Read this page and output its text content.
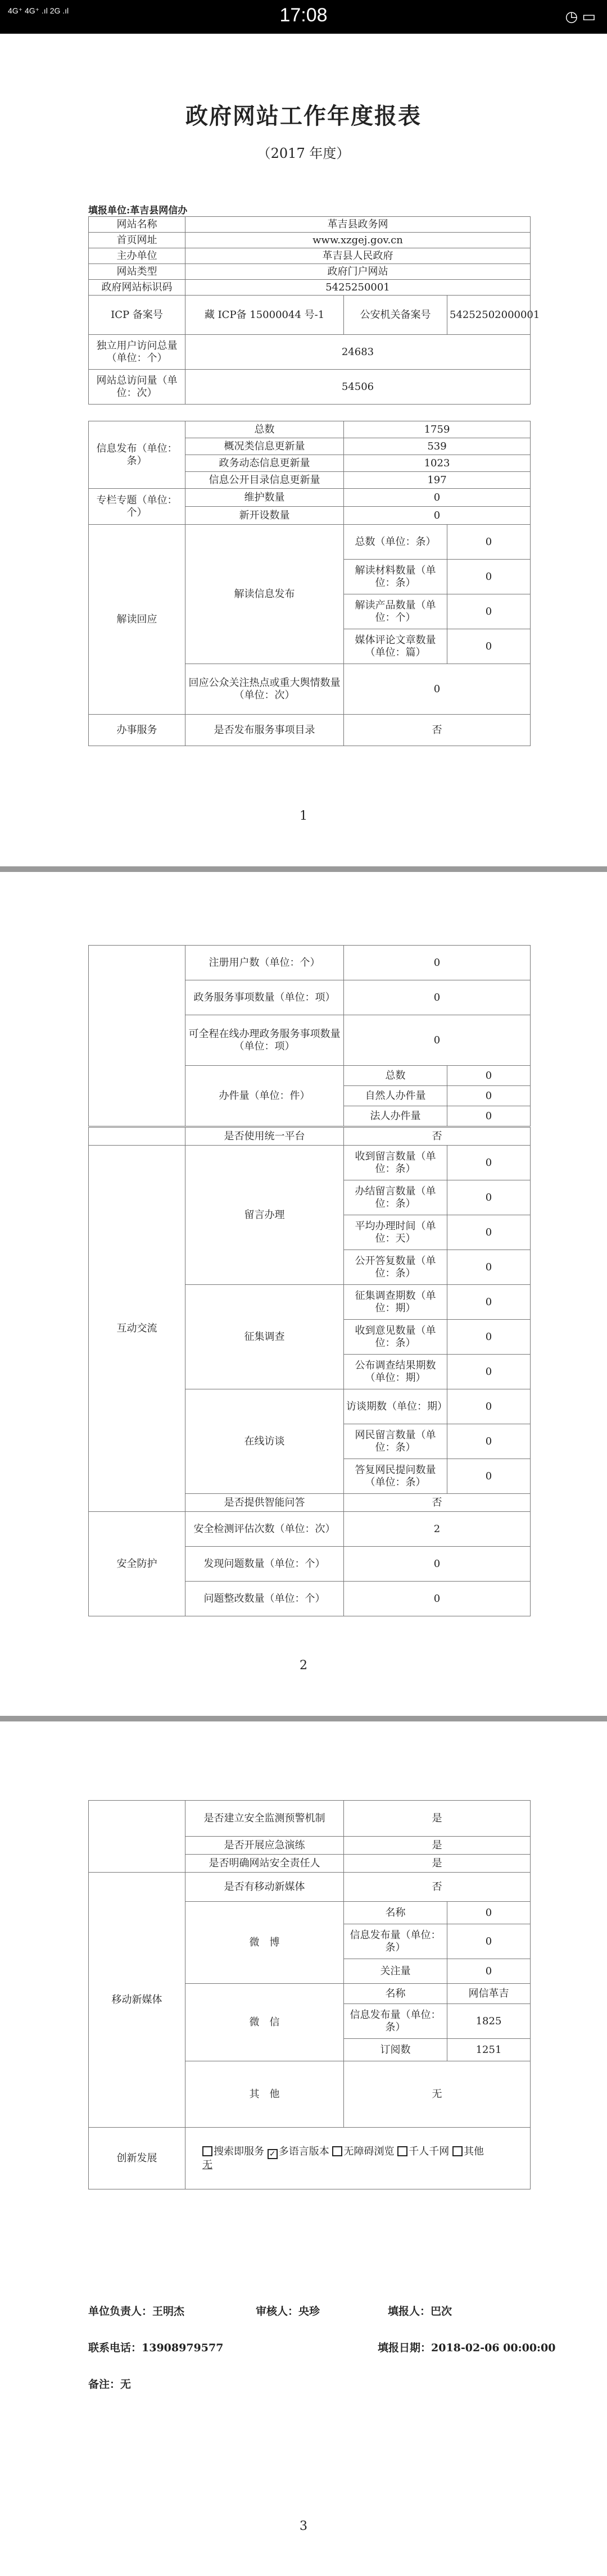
4G⁺ 4G⁺ .ıl 2G .ıl	17:08	◷ ▭
政府网站工作年度报表
（2017 年度）
填报单位:革吉县网信办
网站名称	革吉县政务网		
首页网址	www.xzgej.gov.cn		
主办单位	革吉县人民政府		
网站类型	政府门户网站		
政府网站标识码	5425250001		
ICP 备案号	藏 ICP备 15000044 号-1	公安机关备案号	54252502000001
独立用户访问总量（单位：个）	24683		
网站总访问量（单位：次）	54506		
信息发布（单位：条）	总数	1759
	概况类信息更新量	539
	政务动态信息更新量	1023
	信息公开目录信息更新量	197
专栏专题（单位：个）	维护数量	0
	新开设数量	0
解读回应	解读信息发布	总数（单位：条）	0
		解读材料数量（单位：条）	0
		解读产品数量（单位：个）	0
		媒体评论文章数量（单位：篇）	0
	回应公众关注热点或重大舆情数量（单位：次）	0	
办事服务	是否发布服务事项目录	否	
1
	注册用户数（单位：个）	0	
	政务服务事项数量（单位：项）	0	
	可全程在线办理政务服务事项数量（单位：项）	0	
	办件量（单位：件）	总数	0
		自然人办件量	0
		法人办件量	0
	是否使用统一平台	否	
互动交流	留言办理	收到留言数量（单位：条）	0
		办结留言数量（单位：条）	0
		平均办理时间（单位：天）	0
		公开答复数量（单位：条）	0
	征集调查	征集调查期数（单位：期）	0
		收到意见数量（单位：条）	0
		公布调查结果期数（单位：期）	0
	在线访谈	访谈期数（单位：期）	0
		网民留言数量（单位：条）	0
		答复网民提问数量（单位：条）	0
	是否提供智能问答	否	
安全防护	安全检测评估次数（单位：次）	2	
	发现问题数量（单位：个）	0	
	问题整改数量（单位：个）	0	
2
	是否建立安全监测预警机制	是	
	是否开展应急演练	是	
	是否明确网站安全责任人	是	
移动新媒体	是否有移动新媒体	否	
	微　博	名称	0
		信息发布量（单位：条）	0
		关注量	0
	微　信	名称	网信革吉
		信息发布量（单位：条）	1825
		订阅数	1251
	其　他	无	
创新发展	搜索即服务 ✓ 多语言版本 无障碍浏览 千人千网 其他
无		
单位负责人：王明杰	审核人：央珍	填报人：巴次
联系电话：13908979577	填报日期：2018-02-06 00:00:00
备注：无
3
